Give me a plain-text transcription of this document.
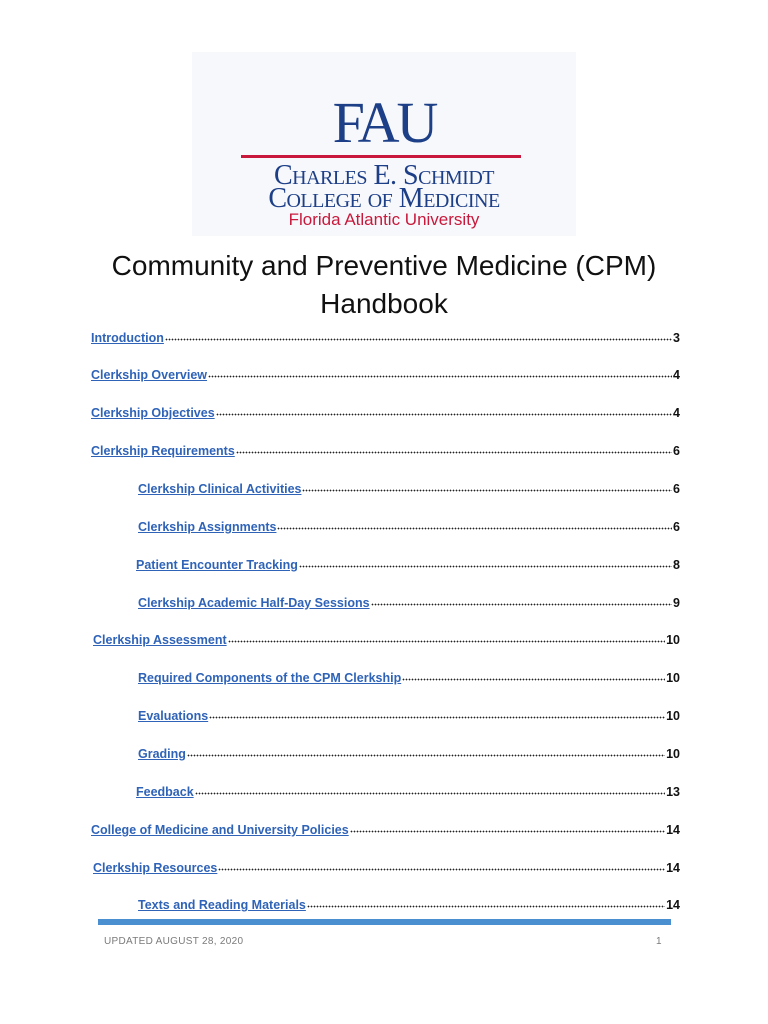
FAU
Charles E. Schmidt
College of Medicine
Florida Atlantic University
Community and Preventive Medicine (CPM)
Handbook
Introduction	3
Clerkship Overview	4
Clerkship Objectives	4
Clerkship Requirements	6
Clerkship Clinical Activities	6
Clerkship Assignments	6
Patient Encounter Tracking	8
Clerkship Academic Half-Day Sessions	9
Clerkship Assessment	10
Required Components of the CPM Clerkship	10
Evaluations	10
Grading	10
Feedback	13
College of Medicine and University Policies	14
Clerkship Resources	14
Texts and Reading Materials	14
UPDATED AUGUST 28, 2020	1
